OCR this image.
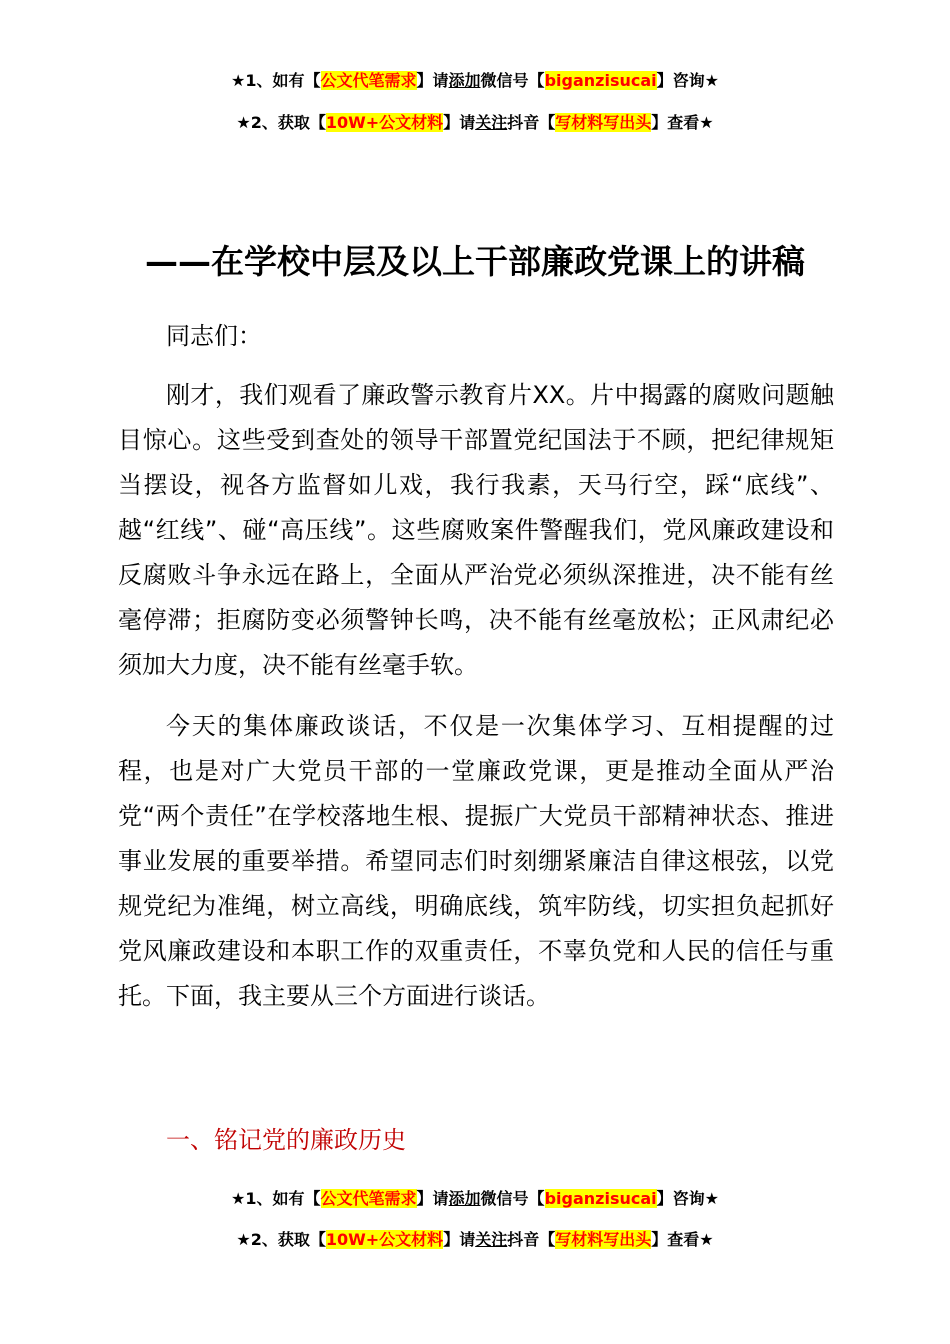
★1、如有【公文代笔需求】请添加微信号【biganzisucai】咨询★
★2、获取【10W+公文材料】请关注抖音【写材料写出头】查看★
——在学校中层及以上干部廉政党课上的讲稿

同志们：

刚才，我们观看了廉政警示教育片XX。片中揭露的腐败问题触目惊心。这些受到查处的领导干部置党纪国法于不顾，把纪律规矩当摆设，视各方监督如儿戏，我行我素，天马行空，踩“底线”、越“红线”、碰“高压线”。这些腐败案件警醒我们，党风廉政建设和反腐败斗争永远在路上，全面从严治党必须纵深推进，决不能有丝毫停滞；拒腐防变必须警钟长鸣，决不能有丝毫放松；正风肃纪必须加大力度，决不能有丝毫手软。

今天的集体廉政谈话，不仅是一次集体学习、互相提醒的过程，也是对广大党员干部的一堂廉政党课，更是推动全面从严治党“两个责任”在学校落地生根、提振广大党员干部精神状态、推进事业发展的重要举措。希望同志们时刻绷紧廉洁自律这根弦，以党规党纪为准绳，树立高线，明确底线，筑牢防线，切实担负起抓好党风廉政建设和本职工作的双重责任，不辜负党和人民的信任与重托。下面，我主要从三个方面进行谈话。

一、铭记党的廉政历史
★1、如有【公文代笔需求】请添加微信号【biganzisucai】咨询★
★2、获取【10W+公文材料】请关注抖音【写材料写出头】查看★
